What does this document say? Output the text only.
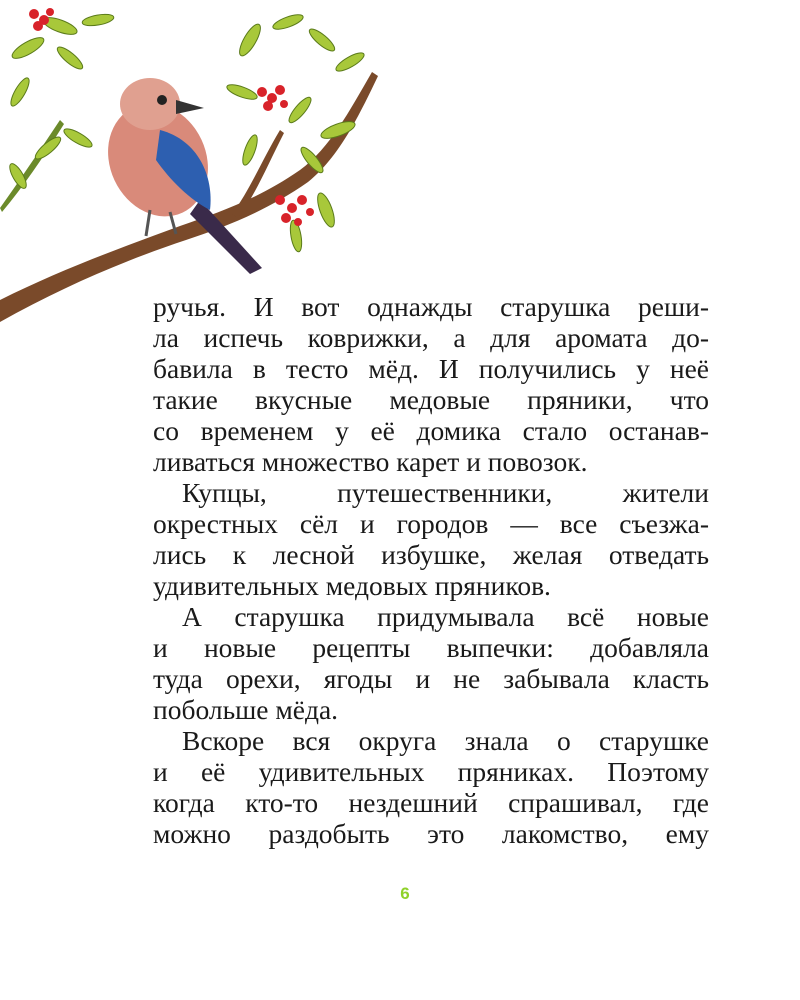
ручья. И вот однажды старушка реши-
ла испечь коврижки, а для аромата до-
бавила в тесто мёд. И получились у неё
такие вкусные медовые пряники, что
со временем у её домика стало останав-
ливаться множество карет и повозок.
Купцы, путешественники, жители
окрестных сёл и городов — все съезжа-
лись к лесной избушке, желая отведать
удивительных медовых пряников.
А старушка придумывала всё новые
и новые рецепты выпечки: добавляла
туда орехи, ягоды и не забывала класть
побольше мёда.
Вскоре вся округа знала о старушке
и её удивительных пряниках. Поэтому
когда кто-то нездешний спрашивал, где
можно раздобыть это лакомство, ему
6
